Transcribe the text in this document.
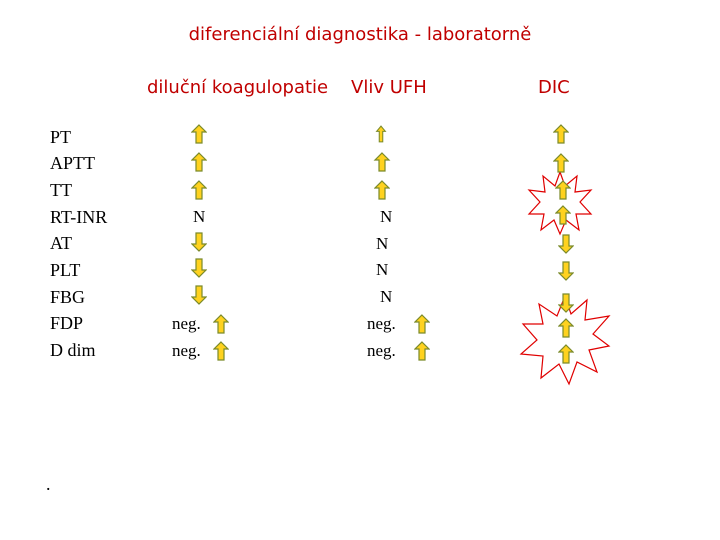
diferenciální diagnostika - laboratorně
diluční koagulopatie Vliv UFH	DIC
PT
APTT
TT
RT-INR
AT
PLT
FBG
FDP
D dim
N
neg.
neg.
N
N
N
N
neg.
neg.
.
